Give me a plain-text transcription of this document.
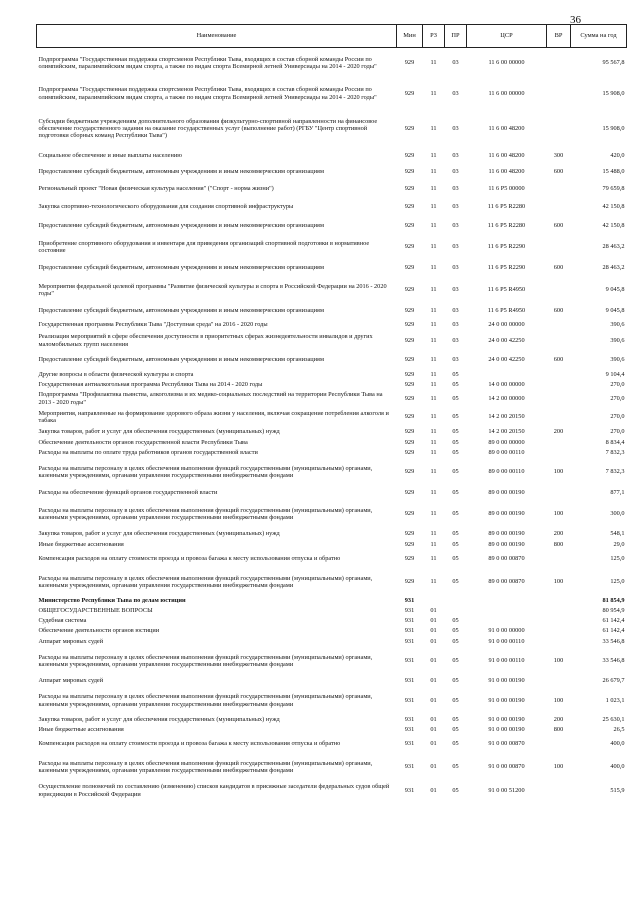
36
Наименование	Мин	РЗ	ПР	ЦСР	ВР	Сумма на год
Подпрограмма "Государственная поддержка спортсменов Республики Тыва, входящих в состав сборной команды России по олимпийским, паралимпийским видам спорта, а также по видам спорта Всемирной летней Универсиады на 2014 - 2020 годы"	929	11	03	11 6 00 00000		95 567,8
Подпрограмма "Государственная поддержка спортсменов Республики Тыва, входящих в состав сборной команды России по олимпийским, паралимпийским видам спорта, а также по видам спорта Всемирной летней Универсиады на 2014 - 2020 годы"	929	11	03	11 6 00 00000		15 908,0
Субсидии бюджетным учреждениям дополнительного образования физкультурно-спортивной направленности на финансовое обеспечение государственного задания на оказание государственных услуг (выполнение работ) (РГБУ "Центр спортивной подготовки сборных команд Республики Тыва")	929	11	03	11 6 00 48200		15 908,0
Социальное обеспечение и иные выплаты населению	929	11	03	11 6 00 48200	300	420,0
Предоставление субсидий бюджетным, автономным учреждениям и иным некоммерческим организациям	929	11	03	11 6 00 48200	600	15 488,0
Региональный проект "Новая физическая культура населения" ("Спорт - норма жизни")	929	11	03	11 6 P5 00000		79 659,8
Закупка спортивно-технологического оборудования для создания спортивной инфраструктуры	929	11	03	11 6 P5 R2280		42 150,8
Предоставление субсидий бюджетным, автономным учреждениям и иным некоммерческим организациям	929	11	03	11 6 P5 R2280	600	42 150,8
Приобретение спортивного оборудования и инвентаря для приведения организаций спортивной подготовки в нормативное состояние	929	11	03	11 6 P5 R2290		28 463,2
Предоставление субсидий бюджетным, автономным учреждениям и иным некоммерческим организациям	929	11	03	11 6 P5 R2290	600	28 463,2
Мероприятия федеральной целевой программы "Развитие физической культуры и спорта в Российской Федерации на 2016 - 2020 годы"	929	11	03	11 6 P5 R4950		9 045,8
Предоставление субсидий бюджетным, автономным учреждениям и иным некоммерческим организациям	929	11	03	11 6 P5 R4950	600	9 045,8
Государственная программа Республики Тыва "Доступная среда" на 2016 - 2020 годы	929	11	03	24 0 00 00000		390,6
Реализация мероприятий в сфере обеспечения доступности в приоритетных сферах жизнедеятельности инвалидов и других маломобильных групп населения	929	11	03	24 0 00 42250		390,6
Предоставление субсидий бюджетным, автономным учреждениям и иным некоммерческим организациям	929	11	03	24 0 00 42250	600	390,6
Другие вопросы в области физической культуры и спорта	929	11	05			9 104,4
Государственная антиалкогольная программа Республики Тыва на 2014 - 2020 годы	929	11	05	14 0 00 00000		270,0
Подпрограмма "Профилактика пьянства, алкоголизма и их медико-социальных последствий на территории Республики Тыва на 2013 - 2020 годы"	929	11	05	14 2 00 00000		270,0
Мероприятия, направленные на формирование здорового образа жизни у населения, включая сокращение потребления алкоголя и табака	929	11	05	14 2 00 20150		270,0
Закупка товаров, работ и услуг для обеспечения государственных (муниципальных) нужд	929	11	05	14 2 00 20150	200	270,0
Обеспечение деятельности органов государственной власти Республики Тыва	929	11	05	89 0 00 00000		8 834,4
Расходы на выплаты по оплате труда работников органов государственной власти	929	11	05	89 0 00 00110		7 832,3
Расходы на выплаты персоналу в целях обеспечения выполнения функций государственными (муниципальными) органами, казенными учреждениями, органами управления государственными внебюджетными фондами	929	11	05	89 0 00 00110	100	7 832,3
Расходы на обеспечение функций органов государственной власти	929	11	05	89 0 00 00190		877,1
Расходы на выплаты персоналу в целях обеспечения выполнения функций государственными (муниципальными) органами, казенными учреждениями, органами управления государственными внебюджетными фондами	929	11	05	89 0 00 00190	100	300,0
Закупка товаров, работ и услуг для обеспечения государственных (муниципальных) нужд	929	11	05	89 0 00 00190	200	548,1
Иные бюджетные ассигнования	929	11	05	89 0 00 00190	800	29,0
Компенсация расходов на оплату стоимости проезда и провоза багажа к месту использования отпуска и обратно	929	11	05	89 0 00 00870		125,0
Расходы на выплаты персоналу в целях обеспечения выполнения функций государственными (муниципальными) органами, казенными учреждениями, органами управления государственными внебюджетными фондами	929	11	05	89 0 00 00870	100	125,0
Министерство Республики Тыва по делам юстиции	931					81 854,9
ОБЩЕГОСУДАРСТВЕННЫЕ ВОПРОСЫ	931	01				80 954,9
Судебная система	931	01	05			61 142,4
Обеспечение деятельности органов юстиции	931	01	05	91 0 00 00000		61 142,4
Аппарат мировых судей	931	01	05	91 0 00 00110		33 546,8
Расходы на выплаты персоналу в целях обеспечения выполнения функций государственными (муниципальными) органами, казенными учреждениями, органами управления государственными внебюджетными фондами	931	01	05	91 0 00 00110	100	33 546,8
Аппарат мировых судей	931	01	05	91 0 00 00190		26 679,7
Расходы на выплаты персоналу в целях обеспечения выполнения функций государственными (муниципальными) органами, казенными учреждениями, органами управления государственными внебюджетными фондами	931	01	05	91 0 00 00190	100	1 023,1
Закупка товаров, работ и услуг для обеспечения государственных (муниципальных) нужд	931	01	05	91 0 00 00190	200	25 630,1
Иные бюджетные ассигнования	931	01	05	91 0 00 00190	800	26,5
Компенсация расходов на оплату стоимости проезда и провоза багажа к месту использования отпуска и обратно	931	01	05	91 0 00 00870		400,0
Расходы на выплаты персоналу в целях обеспечения выполнения функций государственными (муниципальными) органами, казенными учреждениями, органами управления государственными внебюджетными фондами	931	01	05	91 0 00 00870	100	400,0
Осуществление полномочий по составлению (изменению) списков кандидатов в присяжные заседатели федеральных судов общей юрисдикции в Российской Федерации	931	01	05	91 0 00 51200		515,9
